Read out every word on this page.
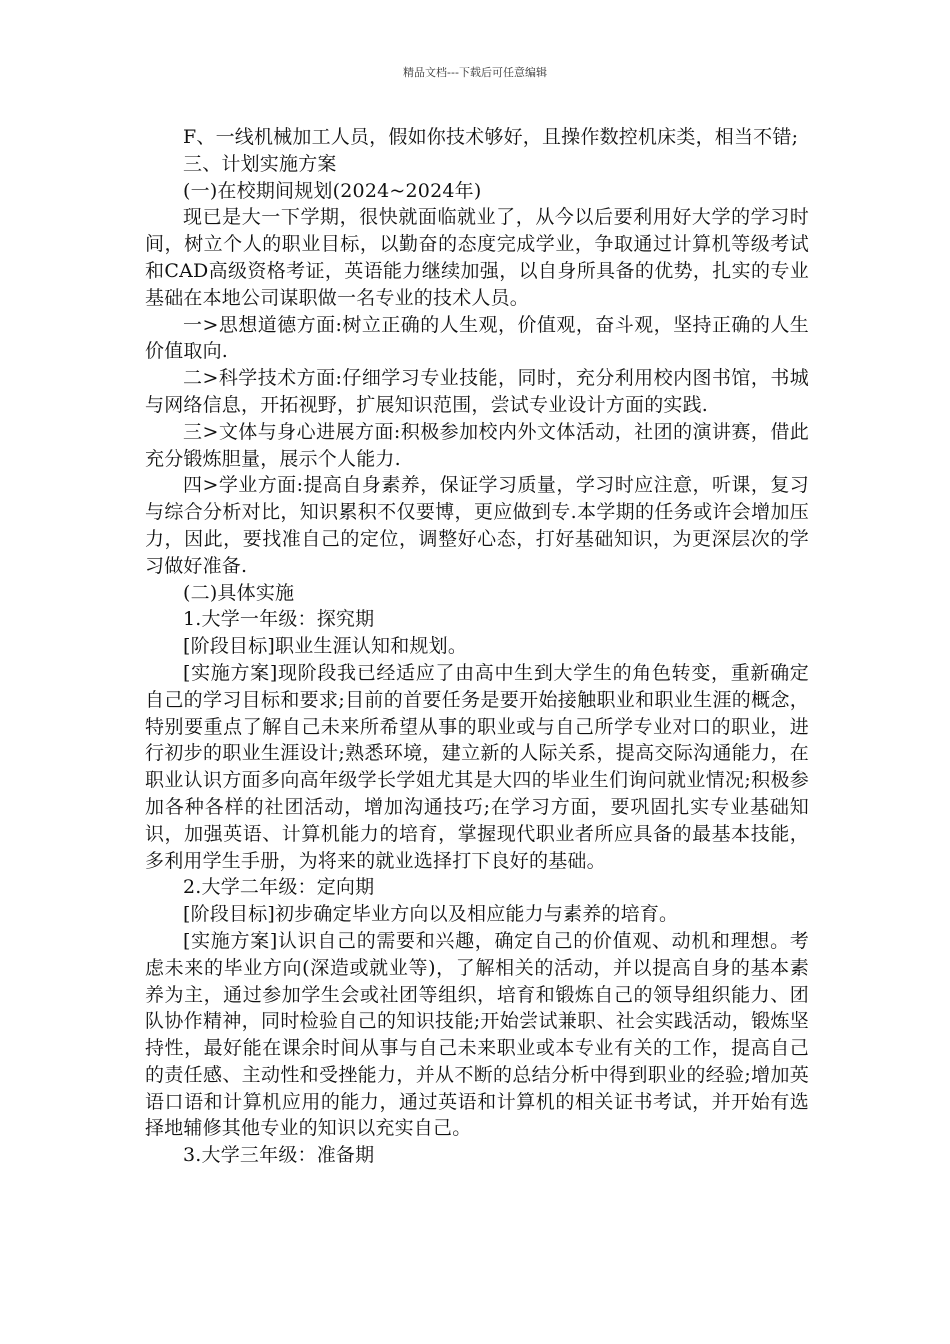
精品文档---下载后可任意编辑

F、一线机械加工人员，假如你技术够好，且操作数控机床类，相当不错;

三、计划实施方案

(一)在校期间规划(2024~2024年)

现已是大一下学期，很快就面临就业了，从今以后要利用好大学的学习时间，树立个人的职业目标，以勤奋的态度完成学业，争取通过计算机等级考试和CAD高级资格考证，英语能力继续加强，以自身所具备的优势，扎实的专业基础在本地公司谋职做一名专业的技术人员。

一>思想道德方面:树立正确的人生观，价值观，奋斗观，坚持正确的人生价值取向.

二>科学技术方面:仔细学习专业技能，同时，充分利用校内图书馆，书城与网络信息，开拓视野，扩展知识范围，尝试专业设计方面的实践.

三>文体与身心进展方面:积极参加校内外文体活动，社团的演讲赛，借此充分锻炼胆量，展示个人能力.

四>学业方面:提高自身素养，保证学习质量，学习时应注意，听课，复习与综合分析对比，知识累积不仅要博，更应做到专.本学期的任务或许会增加压力，因此，要找准自己的定位，调整好心态，打好基础知识，为更深层次的学习做好准备.

(二)具体实施

1.大学一年级：探究期

[阶段目标]职业生涯认知和规划。

[实施方案]现阶段我已经适应了由高中生到大学生的角色转变，重新确定自己的学习目标和要求;目前的首要任务是要开始接触职业和职业生涯的概念，特别要重点了解自己未来所希望从事的职业或与自己所学专业对口的职业，进行初步的职业生涯设计;熟悉环境，建立新的人际关系，提高交际沟通能力，在职业认识方面多向高年级学长学姐尤其是大四的毕业生们询问就业情况;积极参加各种各样的社团活动，增加沟通技巧;在学习方面，要巩固扎实专业基础知识，加强英语、计算机能力的培育，掌握现代职业者所应具备的最基本技能，多利用学生手册，为将来的就业选择打下良好的基础。

2.大学二年级：定向期

[阶段目标]初步确定毕业方向以及相应能力与素养的培育。

[实施方案]认识自己的需要和兴趣，确定自己的价值观、动机和理想。考虑未来的毕业方向(深造或就业等)，了解相关的活动，并以提高自身的基本素养为主，通过参加学生会或社团等组织，培育和锻炼自己的领导组织能力、团队协作精神，同时检验自己的知识技能;开始尝试兼职、社会实践活动，锻炼坚持性，最好能在课余时间从事与自己未来职业或本专业有关的工作，提高自己的责任感、主动性和受挫能力，并从不断的总结分析中得到职业的经验;增加英语口语和计算机应用的能力，通过英语和计算机的相关证书考试，并开始有选择地辅修其他专业的知识以充实自己。

3.大学三年级：准备期
